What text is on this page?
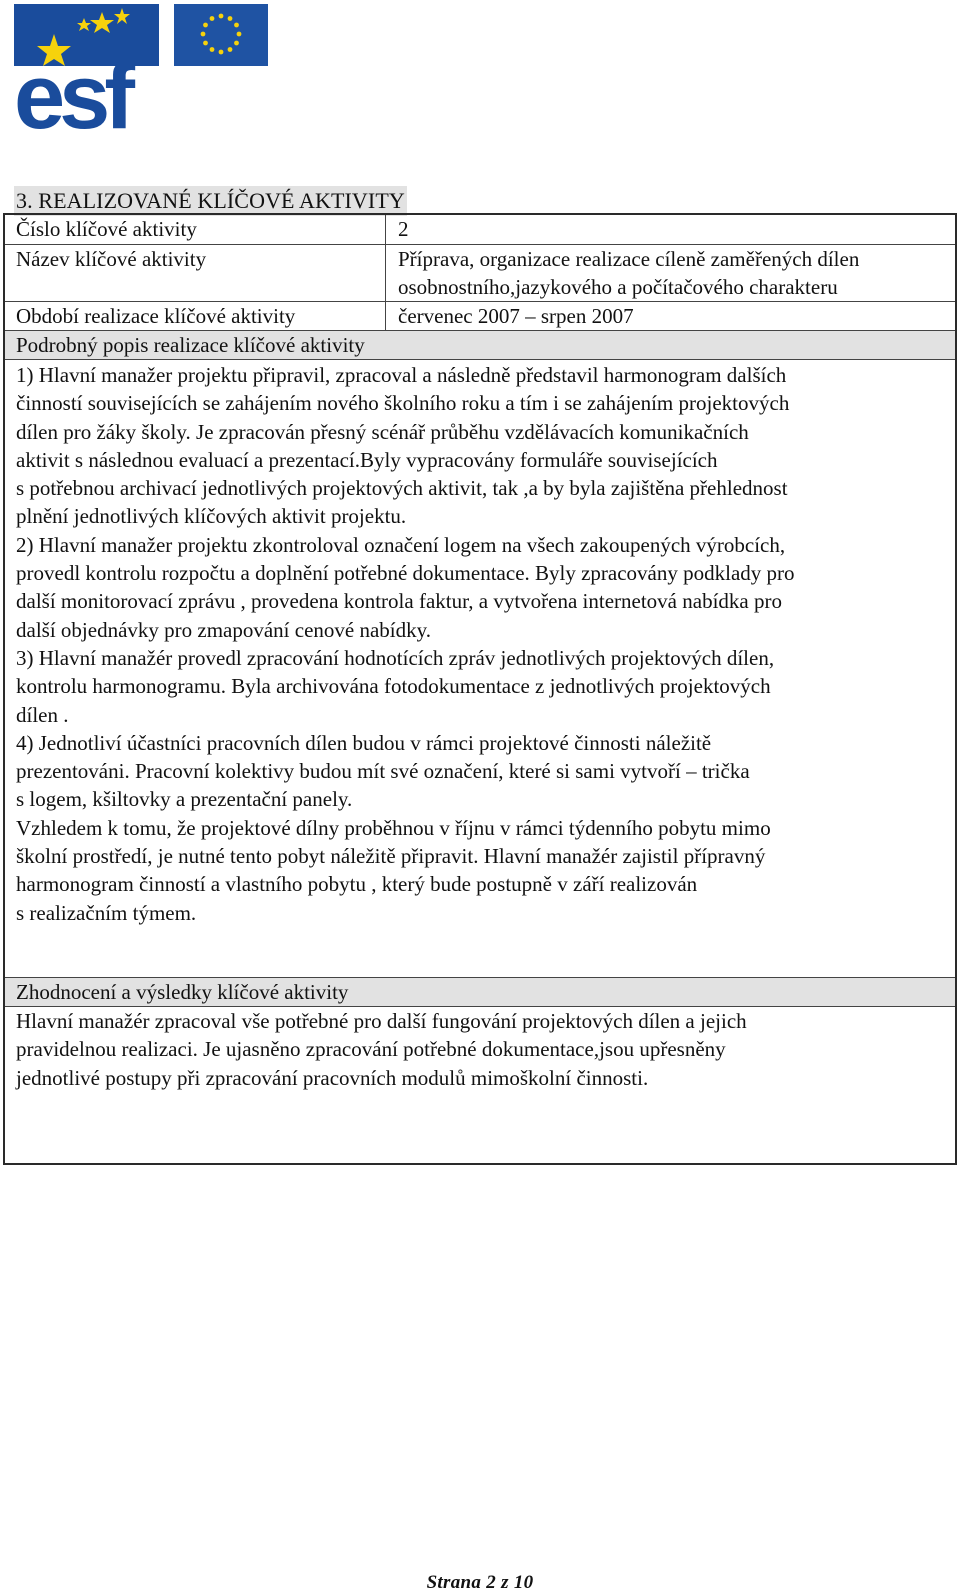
esf
3. REALIZOVANÉ KLÍČOVÉ AKTIVITY
Číslo klíčové aktivity	2
Název klíčové aktivity	Příprava, organizace realizace cíleně zaměřených dílen
osobnostního,jazykového a počítačového charakteru
Období realizace klíčové aktivity	červenec 2007 – srpen 2007
Podrobný popis realizace klíčové aktivity
1) Hlavní manažer projektu připravil, zpracoval a následně představil harmonogram dalších
činností souvisejících se zahájením nového školního roku a tím i se zahájením projektových
dílen pro žáky školy. Je zpracován přesný scénář průběhu vzdělávacích komunikačních
aktivit s následnou evaluací a prezentací.Byly vypracovány formuláře souvisejících
s potřebnou archivací jednotlivých projektových aktivit, tak ,a by byla zajištěna přehlednost
plnění jednotlivých klíčových aktivit projektu.
2) Hlavní manažer projektu zkontroloval označení logem na všech zakoupených výrobcích,
provedl kontrolu rozpočtu a doplnění potřebné dokumentace. Byly zpracovány podklady pro
další monitorovací zprávu , provedena kontrola faktur, a vytvořena internetová nabídka pro
další objednávky pro zmapování cenové nabídky.
3) Hlavní manažér provedl zpracování hodnotících zpráv jednotlivých projektových dílen,
kontrolu harmonogramu. Byla archivována fotodokumentace z jednotlivých projektových
dílen .
4) Jednotliví účastníci pracovních dílen budou v rámci projektové činnosti náležitě
prezentováni. Pracovní kolektivy budou mít své označení, které si sami vytvoří – trička
s logem, kšiltovky a prezentační panely.
Vzhledem k tomu, že projektové dílny proběhnou v říjnu v rámci týdenního pobytu mimo
školní prostředí, je nutné tento pobyt náležitě připravit. Hlavní manažér zajistil přípravný
harmonogram činností a vlastního pobytu , který bude postupně v září realizován
s realizačním týmem.
Zhodnocení a výsledky klíčové aktivity
Hlavní manažér zpracoval vše potřebné pro další fungování projektových dílen a jejich
pravidelnou realizaci. Je ujasněno zpracování potřebné dokumentace,jsou upřesněny
jednotlivé postupy při zpracování pracovních modulů mimoškolní činnosti.
Strana 2 z 10
